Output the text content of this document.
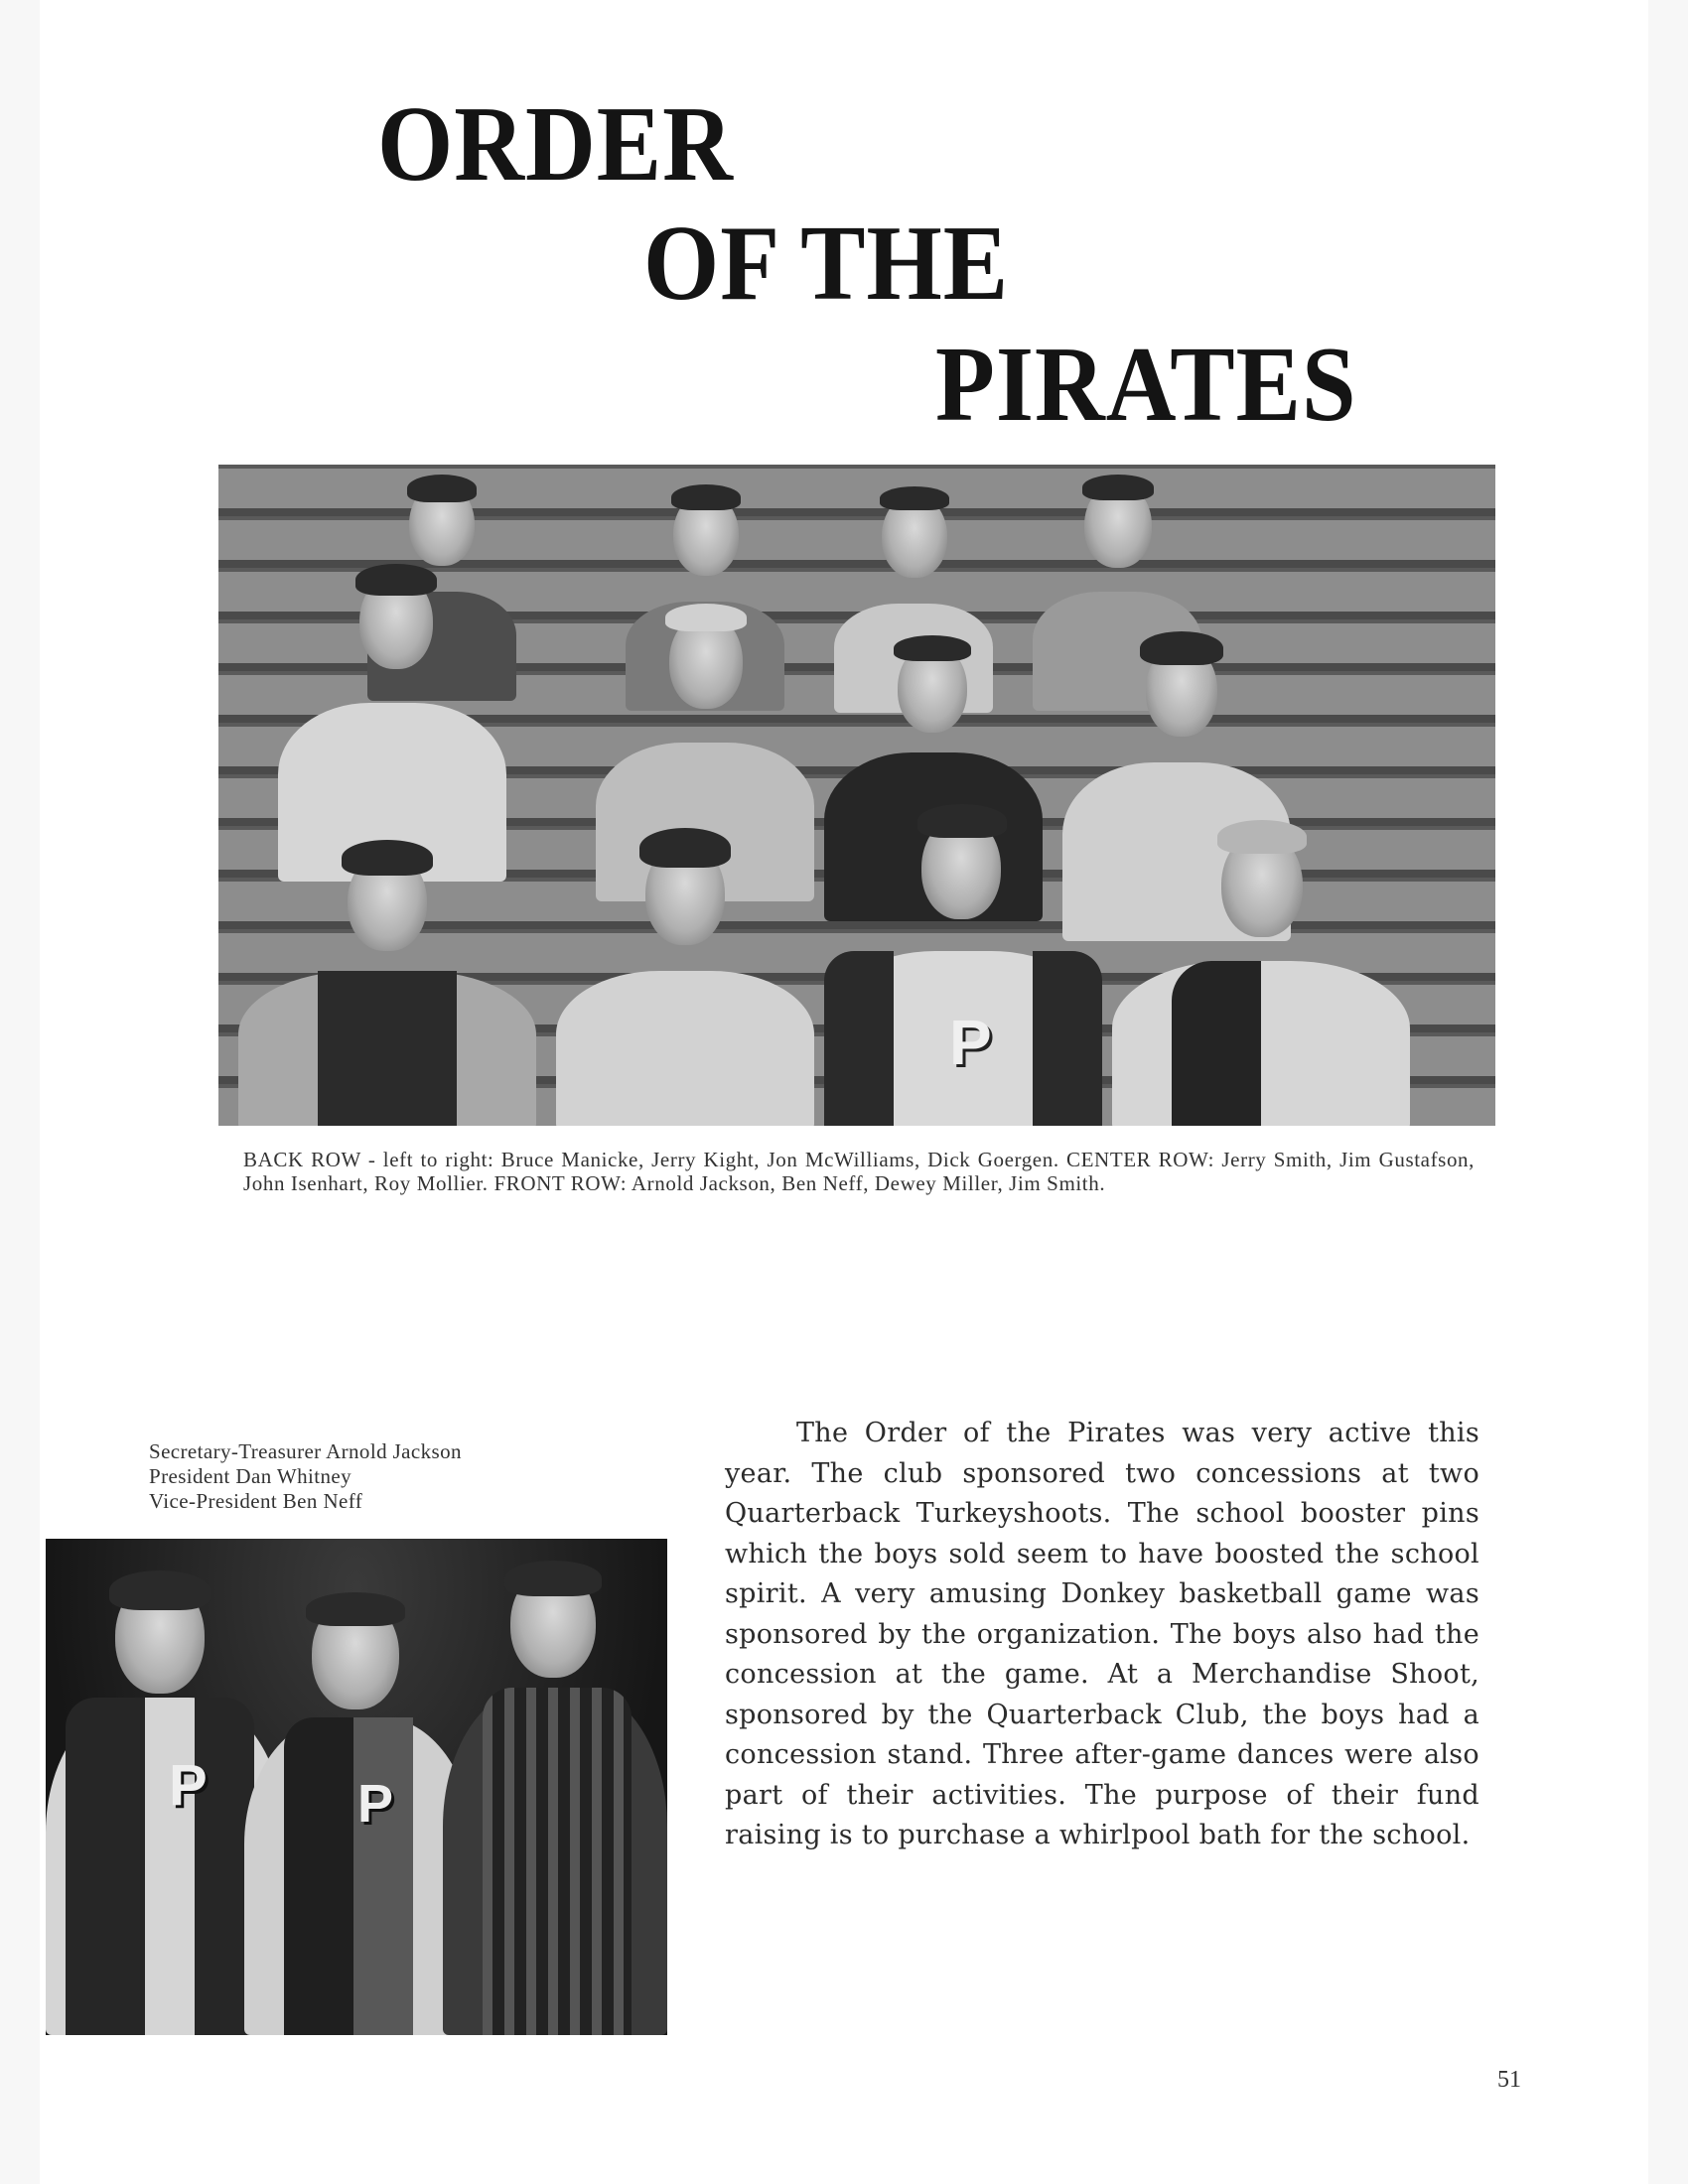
ORDER
OF THE
PIRATES
P
BACK ROW - left to right: Bruce Manicke, Jerry Kight, Jon McWilliams, Dick Goergen. CENTER ROW: Jerry Smith, Jim Gustafson, John Isenhart, Roy Mollier. FRONT ROW: Arnold Jackson, Ben Neff, Dewey Miller, Jim Smith.
Secretary-Treasurer Arnold Jackson
President Dan Whitney
Vice-President Ben Neff
P	P

The Order of the Pirates was very active this year. The club sponsored two concessions at two Quarterback Turkeyshoots. The school booster pins which the boys sold seem to have boosted the school spirit. A very amusing Donkey basketball game was sponsored by the organization. The boys also had the concession at the game. At a Merchandise Shoot, sponsored by the Quarterback Club, the boys had a concession stand. Three after-game dances were also part of their activities. The purpose of their fund raising is to purchase a whirlpool bath for the school.

51
